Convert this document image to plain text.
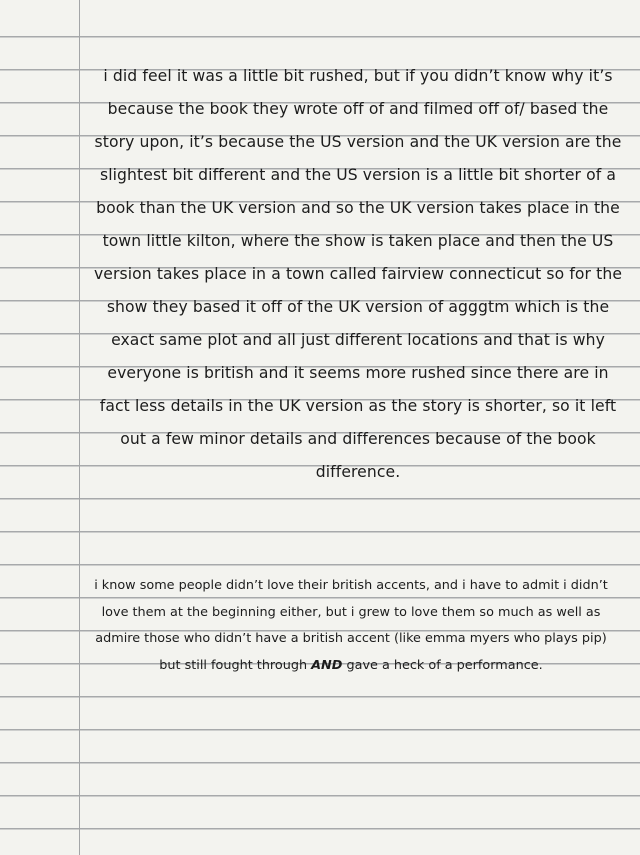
i did feel it was a little bit rushed, but if you didn’t know why it’s because the book they wrote off of and filmed off of/ based the story upon, it’s because the US version and the UK version are the slightest bit different and the US version is a little bit shorter of a book than the UK version and so the UK version takes place in the town little kilton, where the show is taken place and then the US version takes place in a town called fairview connecticut so for the show they based it off of the UK version of agggtm which is the exact same plot and all just different locations and that is why everyone is british and it seems more rushed since there are in fact less details in the UK version as the story is shorter, so it left out a few minor details and differences because of the book difference.

i know some people didn’t love their british accents, and i have to admit i didn’t love them at the beginning either, but i grew to love them so much as well as admire those who didn’t have a british accent (like emma myers who plays pip) but still fought through AND gave a heck of a performance.
